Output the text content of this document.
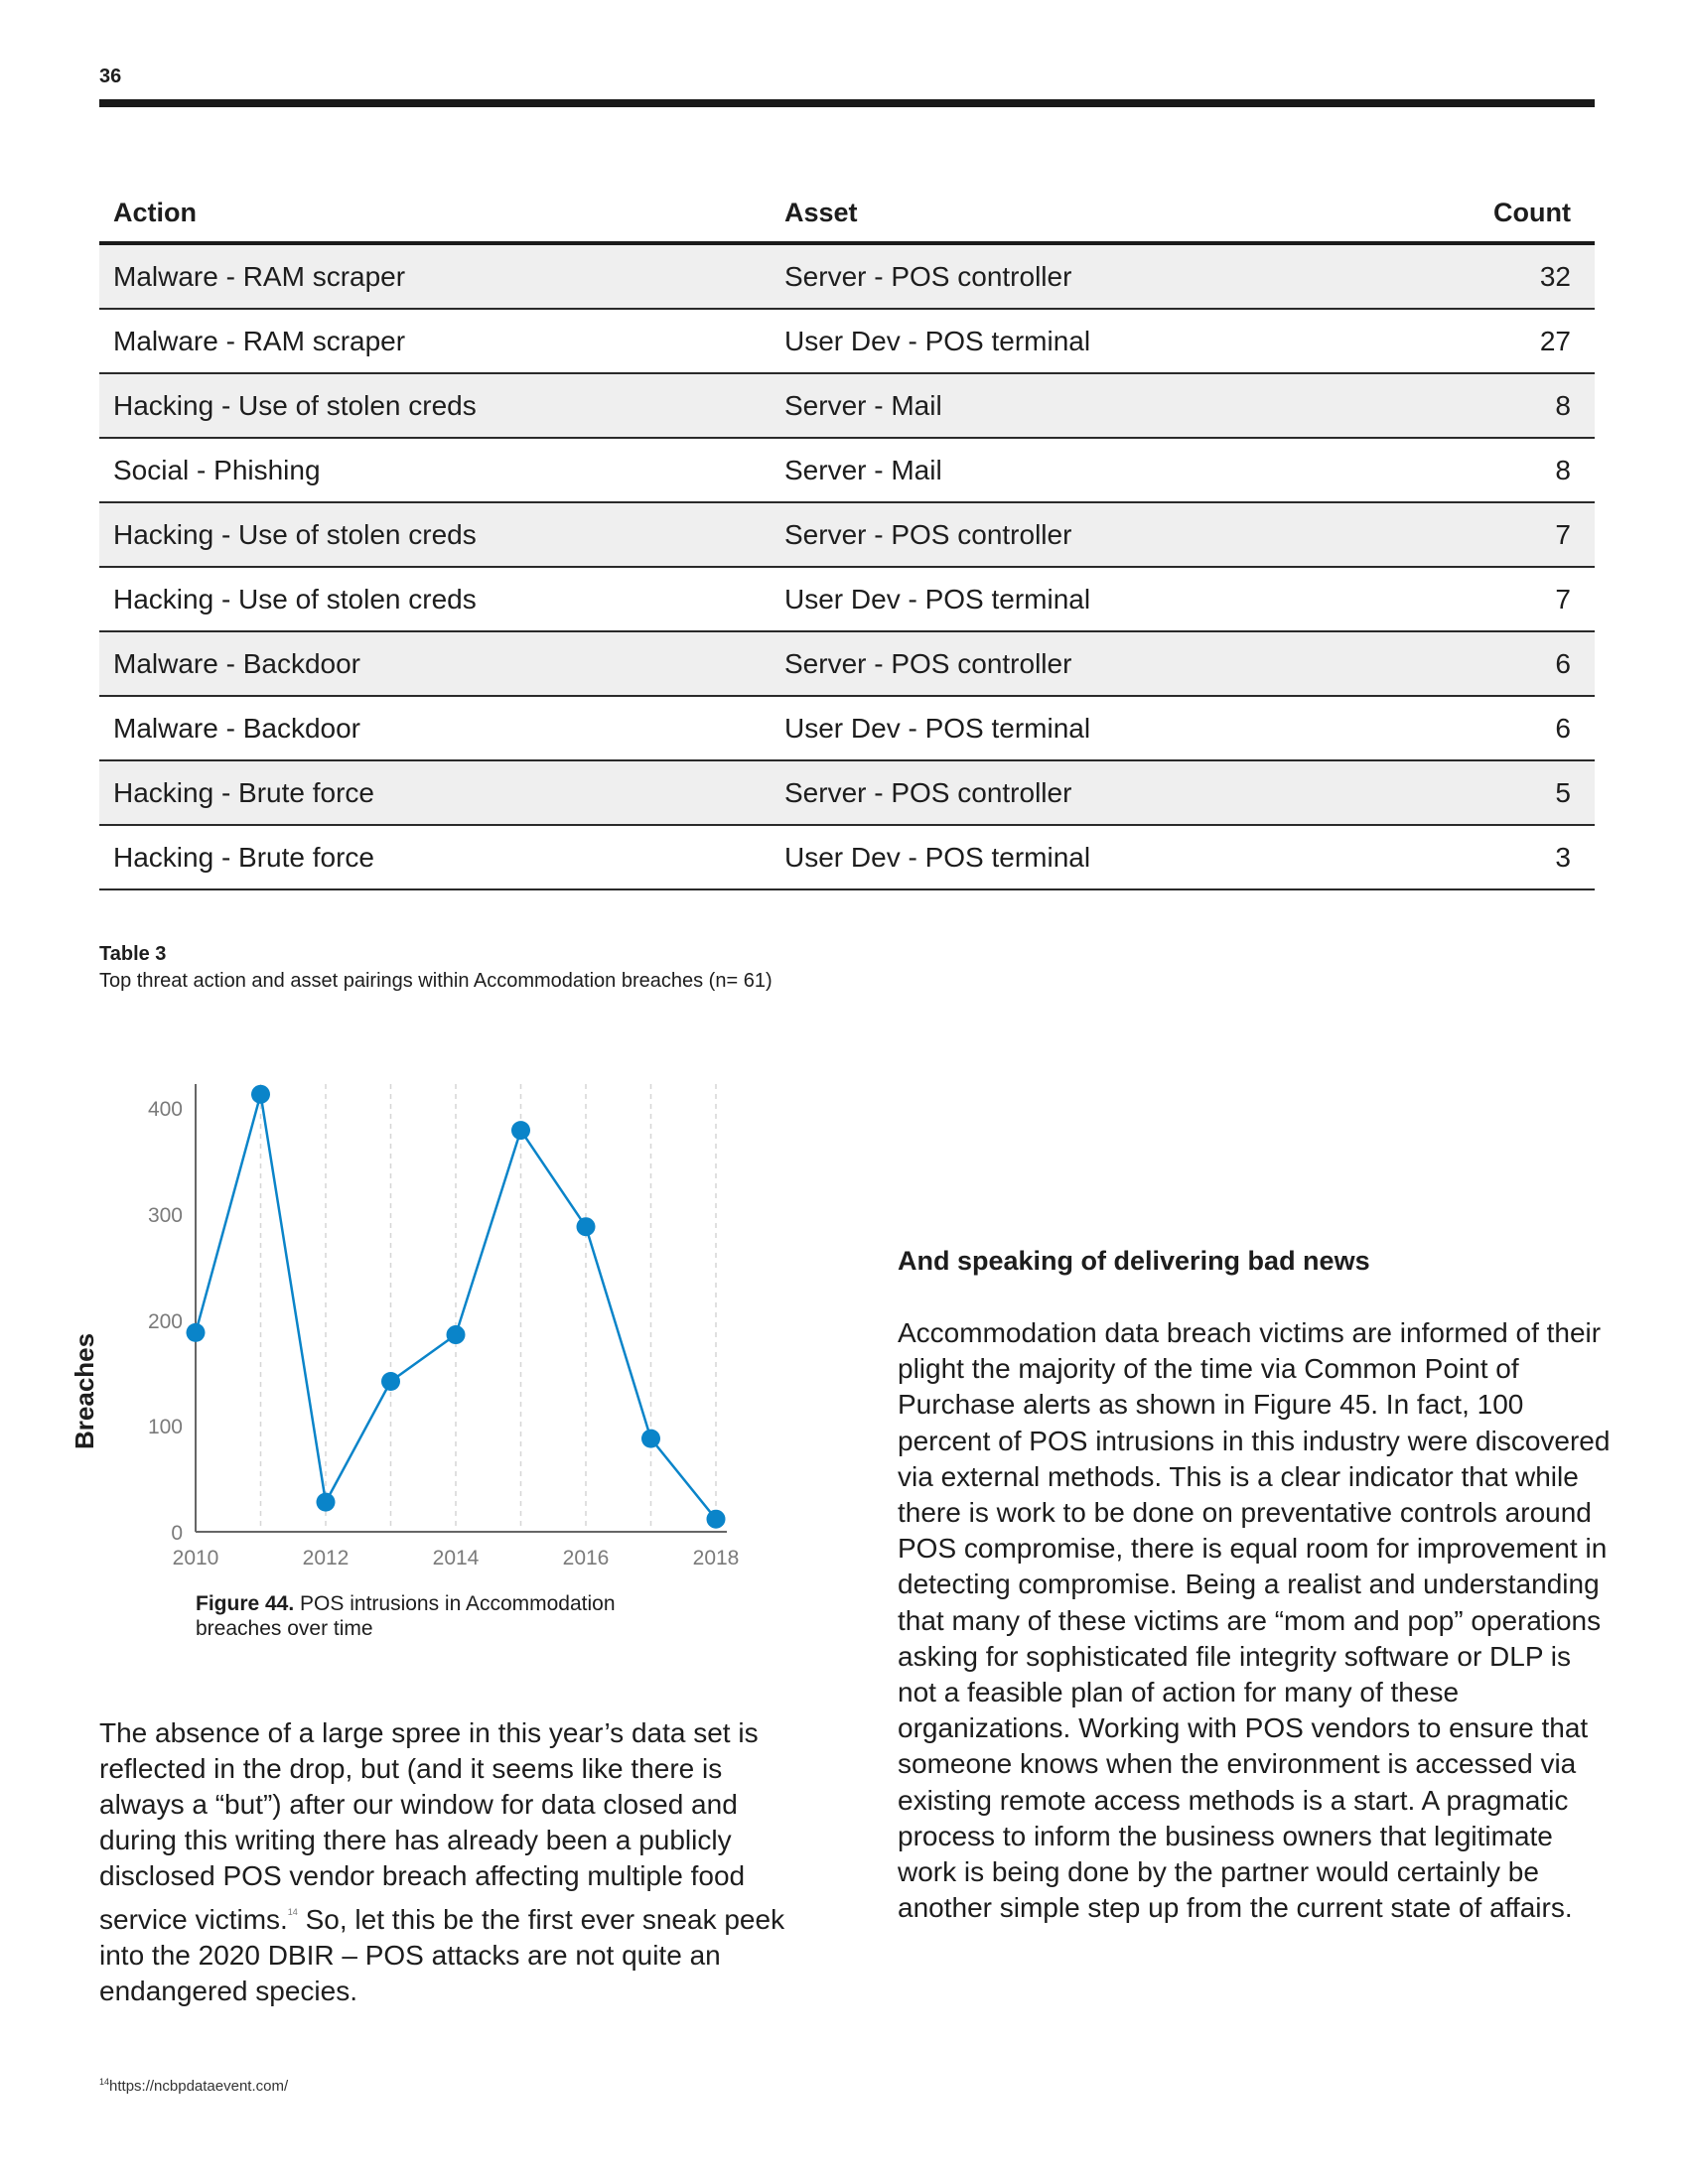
36
Action	Asset	Count
Malware - RAM scraper	Server - POS controller	32
Malware - RAM scraper	User Dev - POS terminal	27
Hacking - Use of stolen creds	Server - Mail	8
Social - Phishing	Server - Mail	8
Hacking - Use of stolen creds	Server - POS controller	7
Hacking - Use of stolen creds	User Dev - POS terminal	7
Malware - Backdoor	Server - POS controller	6
Malware - Backdoor	User Dev - POS terminal	6
Hacking - Brute force	Server - POS controller	5
Hacking - Brute force	User Dev - POS terminal	3
Table 3
Top threat action and asset pairings within Accommodation breaches (n= 61)
400
300
200
100
0
2010	2012	2014	2016	2018
Breaches
Figure 44. POS intrusions in Accommodation breaches over time
The absence of a large spree in this year’s data set is reflected in the drop, but (and it seems like there is always a “but”) after our window for data closed and during this writing there has already been a publicly disclosed POS vendor breach affecting multiple food service victims.$^{14}$ So, let this be the first ever sneak peek into the 2020 DBIR – POS attacks are not quite an endangered species.
And speaking of delivering bad news
Accommodation data breach victims are informed of their plight the majority of the time via Common Point of Purchase alerts as shown in Figure 45. In fact, 100 percent of POS intrusions in this industry were discovered via external methods. This is a clear indicator that while there is work to be done on preventative controls around POS compromise, there is equal room for improvement in detecting compromise. Being a realist and understanding that many of these victims are “mom and pop” operations asking for sophisticated file integrity software or DLP is not a feasible plan of action for many of these organizations. Working with POS vendors to ensure that someone knows when the environment is accessed via existing remote access methods is a start. A pragmatic process to inform the business owners that legitimate work is being done by the partner would certainly be another simple step up from the current state of affairs.
$^{14}$https://ncbpdataevent.com/
